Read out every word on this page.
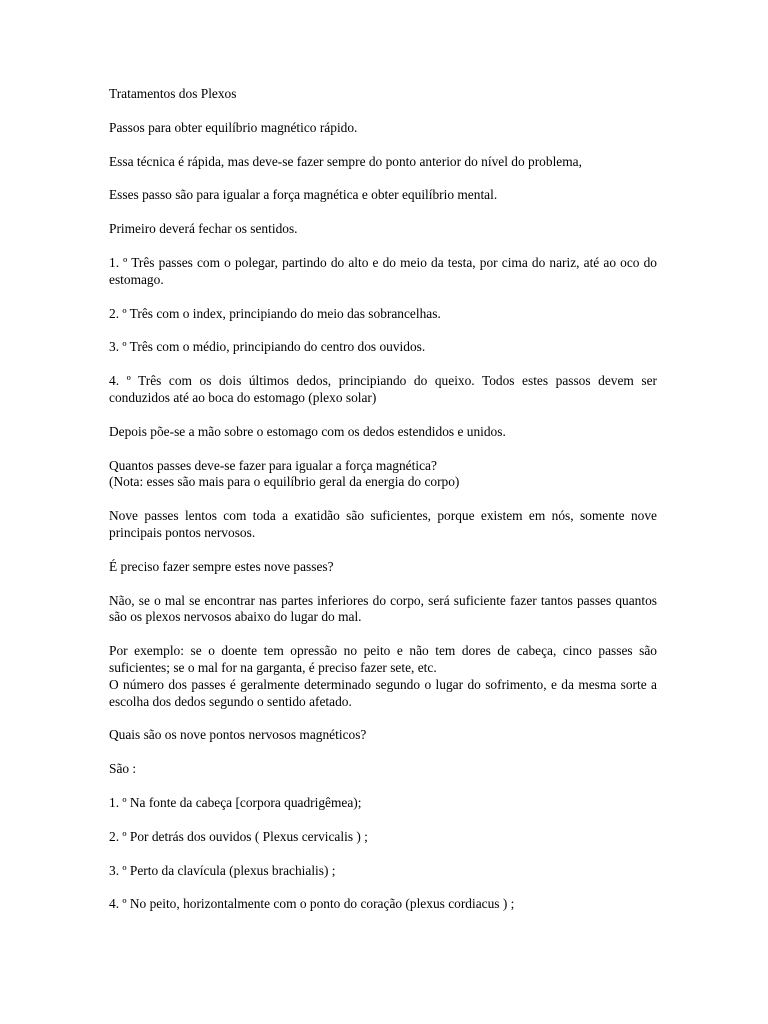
Tratamentos dos Plexos

Passos para obter equilíbrio magnético rápido.

Essa técnica é rápida, mas deve-se fazer sempre do ponto anterior do nível do problema,

Esses passo são para igualar a força magnética e obter equilíbrio mental.

Primeiro deverá fechar os sentidos.

1. º Três passes com o polegar, partindo do alto e do meio da testa, por cima do nariz, até ao oco do estomago.

2. º Três com o index, principiando do meio das sobrancelhas.

3. º Três com o médio, principiando do centro dos ouvidos.

4. º Três com os dois últimos dedos, principiando do queixo. Todos estes passos devem ser conduzidos até ao boca do estomago (plexo solar)

Depois põe-se a mão sobre o estomago com os dedos estendidos e unidos.

Quantos passes deve-se fazer para igualar a força magnética?
(Nota: esses são mais para o equilíbrio geral da energia do corpo)

Nove passes lentos com toda a exatidão são suficientes, porque existem em nós, somente nove principais pontos nervosos.

É preciso fazer sempre estes nove passes?

Não, se o mal se encontrar nas partes inferiores do corpo, será suficiente fazer tantos passes quantos são os plexos nervosos abaixo do lugar do mal.

Por exemplo: se o doente tem opressão no peito e não tem dores de cabeça, cinco passes são suficientes; se o mal for na garganta, é preciso fazer sete, etc.
O número dos passes é geralmente determinado segundo o lugar do sofrimento, e da mesma sorte a escolha dos dedos segundo o sentido afetado.

Quais são os nove pontos nervosos magnéticos?

São :

1. º Na fonte da cabeça [corpora quadrigêmea);

2. º Por detrás dos ouvidos ( Plexus cervicalis ) ;

3. º Perto da clavícula (plexus brachialis) ;

4. º No peito, horizontalmente com o ponto do coração (plexus cordiacus ) ;
